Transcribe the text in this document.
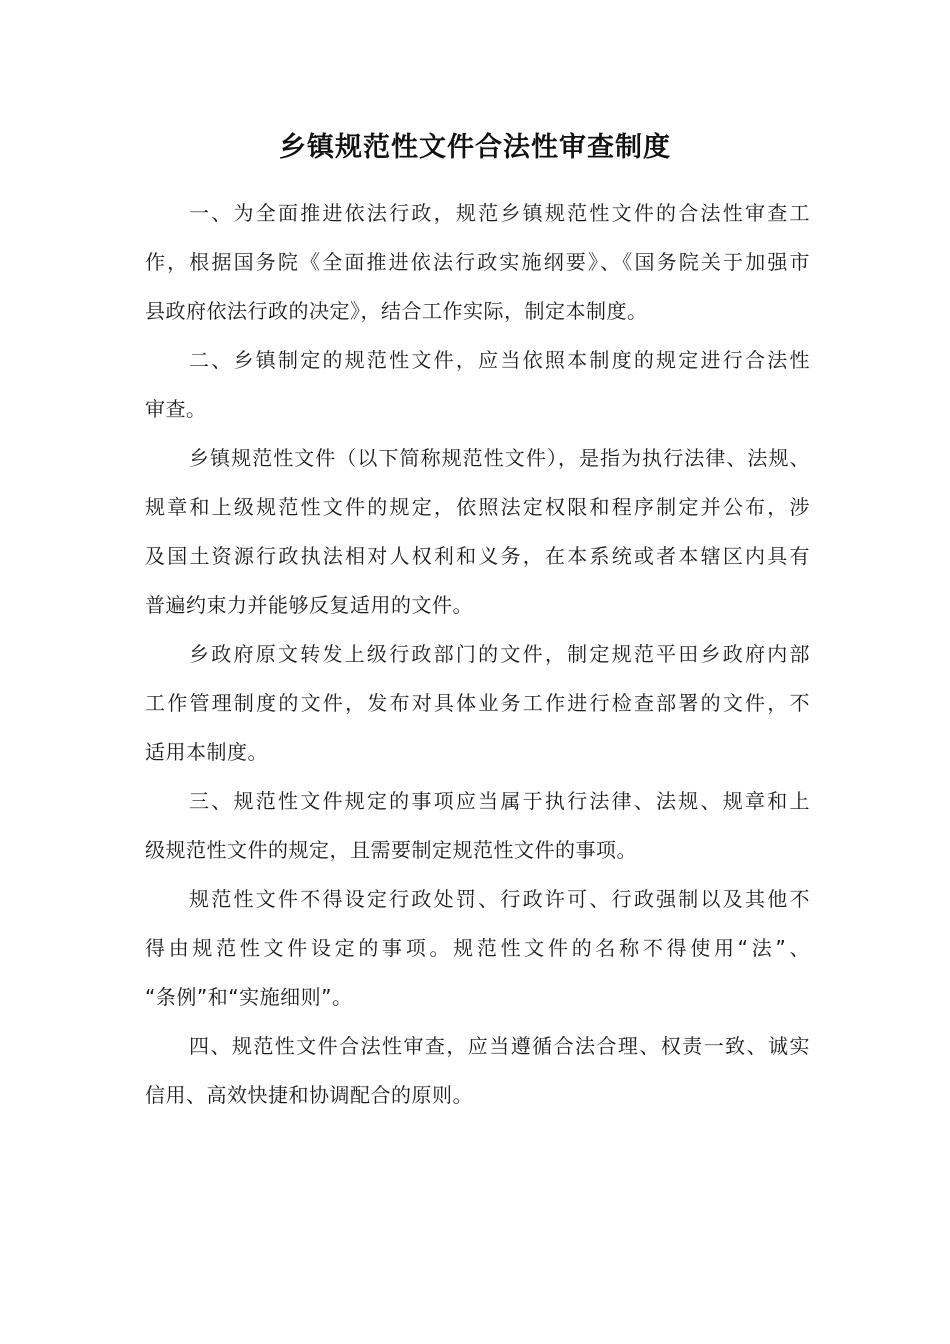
乡镇规范性文件合法性审查制度
一、为全面推进依法行政，规范乡镇规范性文件的合法性审查工
作，根据国务院《全面推进依法行政实施纲要》、《国务院关于加强市
县政府依法行政的决定》，结合工作实际，制定本制度。
二、乡镇制定的规范性文件，应当依照本制度的规定进行合法性
审查。
乡镇规范性文件（以下简称规范性文件），是指为执行法律、法规、
规章和上级规范性文件的规定，依照法定权限和程序制定并公布，涉
及国土资源行政执法相对人权利和义务，在本系统或者本辖区内具有
普遍约束力并能够反复适用的文件。
乡政府原文转发上级行政部门的文件，制定规范平田乡政府内部
工作管理制度的文件，发布对具体业务工作进行检查部署的文件，不
适用本制度。
三、规范性文件规定的事项应当属于执行法律、法规、规章和上
级规范性文件的规定，且需要制定规范性文件的事项。
规范性文件不得设定行政处罚、行政许可、行政强制以及其他不
得由规范性文件设定的事项。规范性文件的名称不得使用“法”、
“条例”和“实施细则”。
四、规范性文件合法性审查，应当遵循合法合理、权责一致、诚实
信用、高效快捷和协调配合的原则。
